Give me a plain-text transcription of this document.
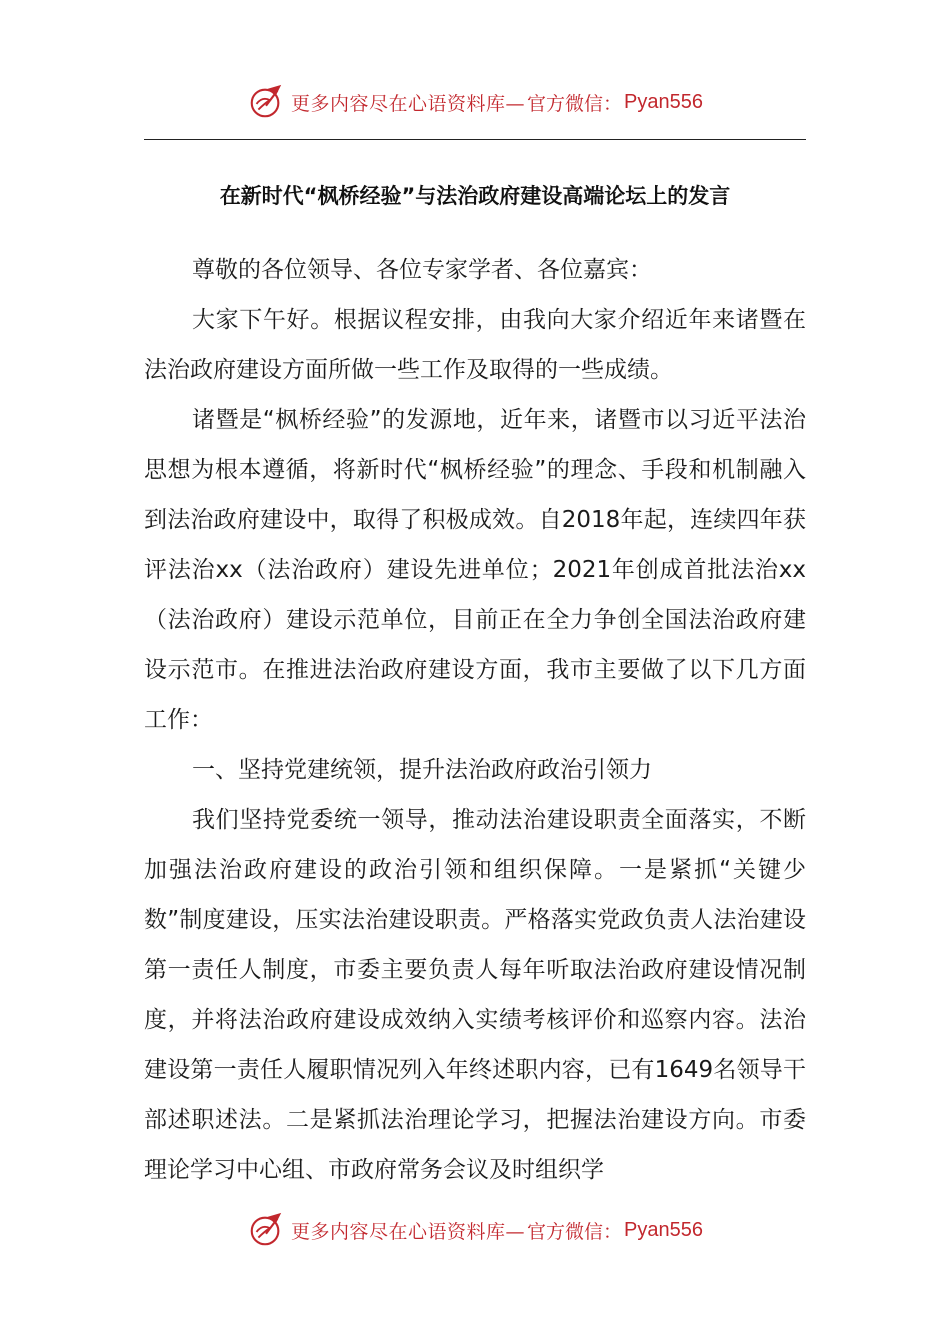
更多内容尽在心语资料库— 官方微信： Pyan556
在新时代“枫桥经验”与法治政府建设高端论坛上的发言

尊敬的各位领导、各位专家学者、各位嘉宾：

大家下午好。根据议程安排，由我向大家介绍近年来诸暨在法治政府建设方面所做一些工作及取得的一些成绩。

诸暨是“枫桥经验”的发源地，近年来，诸暨市以习近平法治思想为根本遵循，将新时代“枫桥经验”的理念、手段和机制融入到法治政府建设中，取得了积极成效。自2018年起，连续四年获评法治xx（法治政府）建设先进单位；2021年创成首批法治xx（法治政府）建设示范单位，目前正在全力争创全国法治政府建设示范市。在推进法治政府建设方面，我市主要做了以下几方面工作：

一、坚持党建统领，提升法治政府政治引领力

我们坚持党委统一领导，推动法治建设职责全面落实，不断加强法治政府建设的政治引领和组织保障。一是紧抓“关键少数”制度建设，压实法治建设职责。严格落实党政负责人法治建设第一责任人制度，市委主要负责人每年听取法治政府建设情况制度，并将法治政府建设成效纳入实绩考核评价和巡察内容。法治建设第一责任人履职情况列入年终述职内容，已有1649名领导干部述职述法。二是紧抓法治理论学习，把握法治建设方向。市委理论学习中心组、市政府常务会议及时组织学

更多内容尽在心语资料库— 官方微信： Pyan556
